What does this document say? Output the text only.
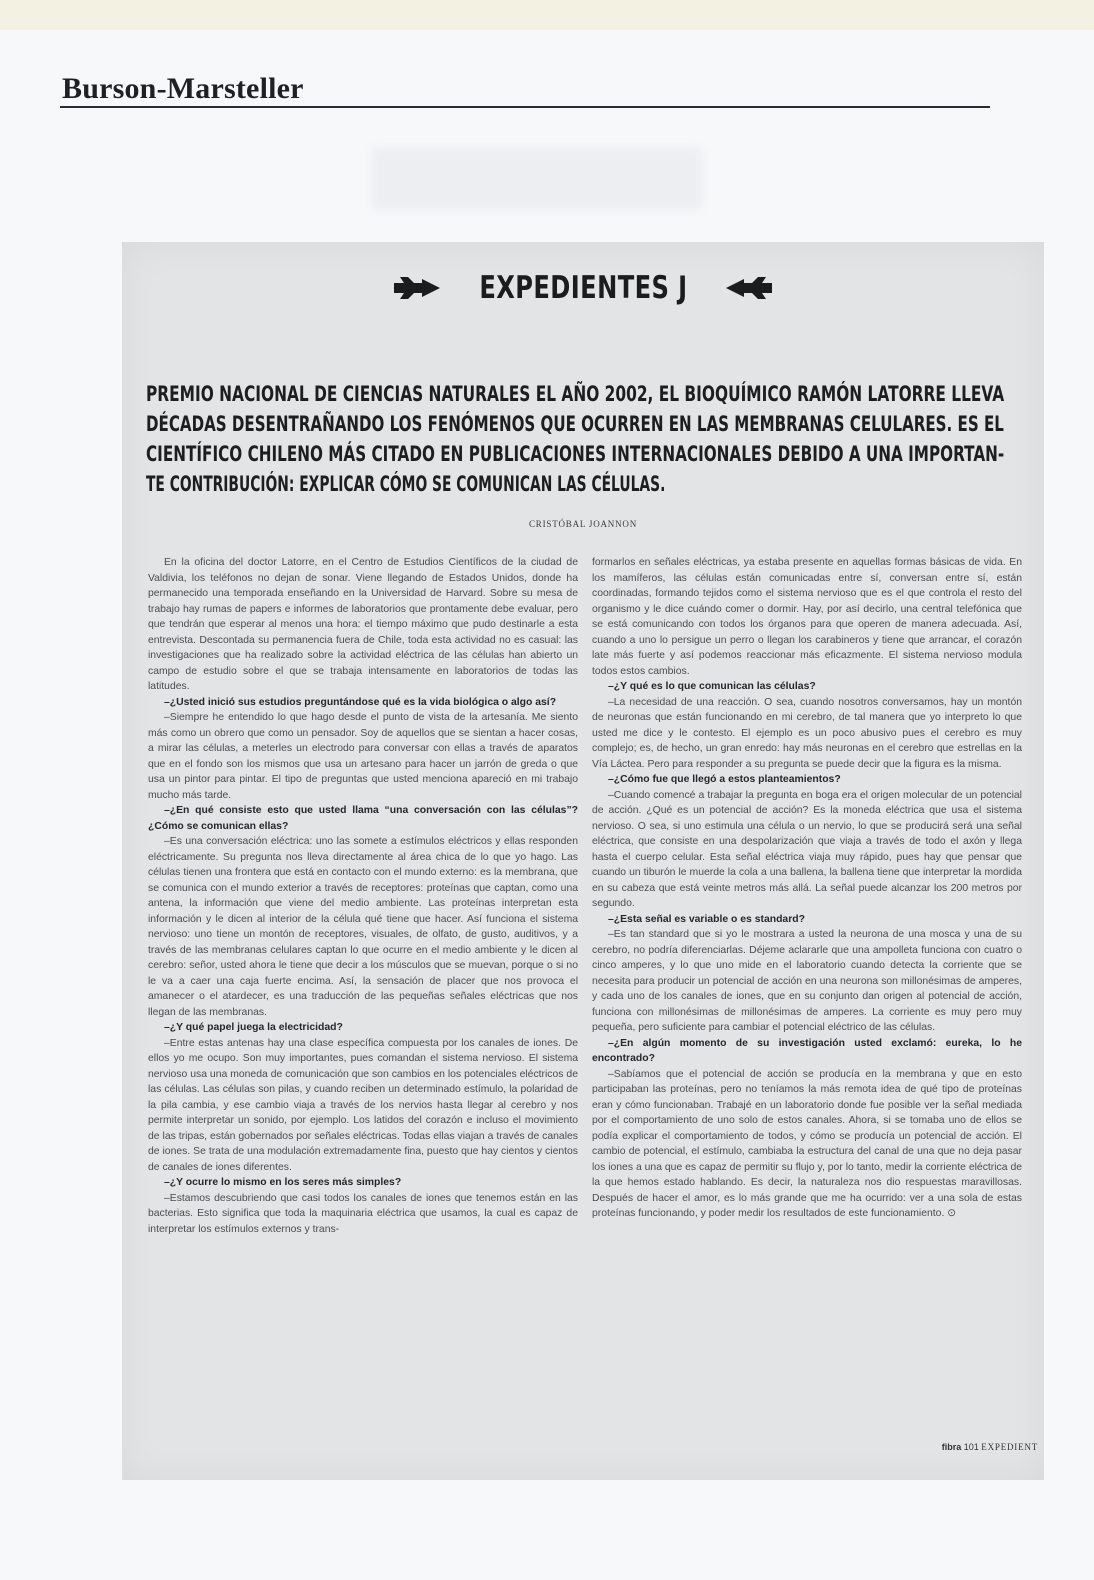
Burson-Marsteller
EXPEDIENTES J
PREMIO NACIONAL DE CIENCIAS NATURALES EL AÑO 2002, EL BIOQUÍMICO RAMÓN LATORRE LLEVA
DÉCADAS DESENTRAÑANDO LOS FENÓMENOS QUE OCURREN EN LAS MEMBRANAS CELULARES. ES EL
CIENTÍFICO CHILENO MÁS CITADO EN PUBLICACIONES INTERNACIONALES DEBIDO A UNA IMPORTAN-
TE CONTRIBUCIÓN: EXPLICAR CÓMO SE COMUNICAN LAS CÉLULAS.
CRISTÓBAL JOANNON

En la oficina del doctor Latorre, en el Centro de Estudios Científicos de la ciudad de Valdivia, los teléfonos no dejan de sonar. Viene llegando de Estados Unidos, donde ha permanecido una temporada enseñando en la Universidad de Harvard. Sobre su mesa de trabajo hay rumas de papers e informes de laboratorios que prontamente debe evaluar, pero que tendrán que esperar al menos una hora: el tiempo máximo que pudo destinarle a esta entrevista. Descontada su permanencia fuera de Chile, toda esta actividad no es casual: las investigaciones que ha realizado sobre la actividad eléctrica de las células han abierto un campo de estudio sobre el que se trabaja intensamente en laboratorios de todas las latitudes.

–¿Usted inició sus estudios preguntándose qué es la vida biológica o algo así?

–Siempre he entendido lo que hago desde el punto de vista de la artesanía. Me siento más como un obrero que como un pensador. Soy de aquellos que se sientan a hacer cosas, a mirar las células, a meterles un electrodo para conversar con ellas a través de aparatos que en el fondo son los mismos que usa un artesano para hacer un jarrón de greda o que usa un pintor para pintar. El tipo de preguntas que usted menciona apareció en mi trabajo mucho más tarde.

–¿En qué consiste esto que usted llama “una conversación con las células”? ¿Cómo se comunican ellas?

–Es una conversación eléctrica: uno las somete a estímulos eléctricos y ellas responden eléctricamente. Su pregunta nos lleva directamente al área chica de lo que yo hago. Las células tienen una frontera que está en contacto con el mundo externo: es la membrana, que se comunica con el mundo exterior a través de receptores: proteínas que captan, como una antena, la información que viene del medio ambiente. Las proteínas interpretan esta información y le dicen al interior de la célula qué tiene que hacer. Así funciona el sistema nervioso: uno tiene un montón de receptores, visuales, de olfato, de gusto, auditivos, y a través de las membranas celulares captan lo que ocurre en el medio ambiente y le dicen al cerebro: señor, usted ahora le tiene que decir a los músculos que se muevan, porque o si no le va a caer una caja fuerte encima. Así, la sensación de placer que nos provoca el amanecer o el atardecer, es una traducción de las pequeñas señales eléctricas que nos llegan de las membranas.

–¿Y qué papel juega la electricidad?

–Entre estas antenas hay una clase específica compuesta por los canales de iones. De ellos yo me ocupo. Son muy importantes, pues comandan el sistema nervioso. El sistema nervioso usa una moneda de comunicación que son cambios en los potenciales eléctricos de las células. Las células son pilas, y cuando reciben un determinado estímulo, la polaridad de la pila cambia, y ese cambio viaja a través de los nervios hasta llegar al cerebro y nos permite interpretar un sonido, por ejemplo. Los latidos del corazón e incluso el movimiento de las tripas, están gobernados por señales eléctricas. Todas ellas viajan a través de canales de iones. Se trata de una modulación extremadamente fina, puesto que hay cientos y cientos de canales de iones diferentes.

–¿Y ocurre lo mismo en los seres más simples?

–Estamos descubriendo que casi todos los canales de iones que tenemos están en las bacterias. Esto significa que toda la maquinaria eléctrica que usamos, la cual es capaz de interpretar los estímulos externos y trans-

formarlos en señales eléctricas, ya estaba presente en aquellas formas básicas de vida. En los mamíferos, las células están comunicadas entre sí, conversan entre sí, están coordinadas, formando tejidos como el sistema nervioso que es el que controla el resto del organismo y le dice cuándo comer o dormir. Hay, por así decirlo, una central telefónica que se está comunicando con todos los órganos para que operen de manera adecuada. Así, cuando a uno lo persigue un perro o llegan los carabineros y tiene que arrancar, el corazón late más fuerte y así podemos reaccionar más eficazmente. El sistema nervioso modula todos estos cambios.

–¿Y qué es lo que comunican las células?

–La necesidad de una reacción. O sea, cuando nosotros conversamos, hay un montón de neuronas que están funcionando en mi cerebro, de tal manera que yo interpreto lo que usted me dice y le contesto. El ejemplo es un poco abusivo pues el cerebro es muy complejo; es, de hecho, un gran enredo: hay más neuronas en el cerebro que estrellas en la Vía Láctea. Pero para responder a su pregunta se puede decir que la figura es la misma.

–¿Cómo fue que llegó a estos planteamientos?

–Cuando comencé a trabajar la pregunta en boga era el origen molecular de un potencial de acción. ¿Qué es un potencial de acción? Es la moneda eléctrica que usa el sistema nervioso. O sea, si uno estimula una célula o un nervio, lo que se producirá será una señal eléctrica, que consiste en una despolarización que viaja a través de todo el axón y llega hasta el cuerpo celular. Esta señal eléctrica viaja muy rápido, pues hay que pensar que cuando un tiburón le muerde la cola a una ballena, la ballena tiene que interpretar la mordida en su cabeza que está veinte metros más allá. La señal puede alcanzar los 200 metros por segundo.

–¿Esta señal es variable o es standard?

–Es tan standard que si yo le mostrara a usted la neurona de una mosca y una de su cerebro, no podría diferenciarlas. Déjeme aclararle que una ampolleta funciona con cuatro o cinco amperes, y lo que uno mide en el laboratorio cuando detecta la corriente que se necesita para producir un potencial de acción en una neurona son millonésimas de amperes, y cada uno de los canales de iones, que en su conjunto dan origen al potencial de acción, funciona con millonésimas de millonésimas de amperes. La corriente es muy pero muy pequeña, pero suficiente para cambiar el potencial eléctrico de las células.

–¿En algún momento de su investigación usted exclamó: eureka, lo he encontrado?

–Sabíamos que el potencial de acción se producía en la membrana y que en esto participaban las proteínas, pero no teníamos la más remota idea de qué tipo de proteínas eran y cómo funcionaban. Trabajé en un laboratorio donde fue posible ver la señal mediada por el comportamiento de uno solo de estos canales. Ahora, si se tomaba uno de ellos se podía explicar el comportamiento de todos, y cómo se producía un potencial de acción. El cambio de potencial, el estímulo, cambiaba la estructura del canal de una que no deja pasar los iones a una que es capaz de permitir su flujo y, por lo tanto, medir la corriente eléctrica de la que hemos estado hablando. Es decir, la naturaleza nos dio respuestas maravillosas. Después de hacer el amor, es lo más grande que me ha ocurrido: ver a una sola de estas proteínas funcionando, y poder medir los resultados de este funcionamiento. ⊙

fibra 101 EXPEDIENT
